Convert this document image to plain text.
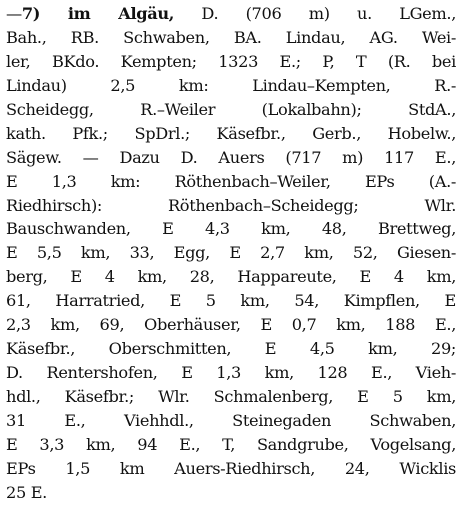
—7) im Algäu, D. (706 m) u. LGem.,
Bah., RB. Schwaben, BA. Lindau, AG. Wei-
ler, BKdo. Kempten; 1323 E.; P, T (R. bei
Lindau) 2,5 km: Lindau–Kempten, R.-
Scheidegg, R.–Weiler (Lokalbahn); StdA.,
kath. Pfk.; SpDrl.; Käsefbr., Gerb., Hobelw.,
Sägew. — Dazu D. Auers (717 m) 117 E.,
E 1,3 km: Röthenbach–Weiler, EPs (A.-
Riedhirsch): Röthenbach–Scheidegg; Wlr.
Bauschwanden, E 4,3 km, 48, Brettweg,
E 5,5 km, 33, Egg, E 2,7 km, 52, Giesen-
berg, E 4 km, 28, Happareute, E 4 km,
61, Harratried, E 5 km, 54, Kimpflen, E
2,3 km, 69, Oberhäuser, E 0,7 km, 188 E.,
Käsefbr., Oberschmitten, E 4,5 km, 29;
D. Rentershofen, E 1,3 km, 128 E., Vieh-
hdl., Käsefbr.; Wlr. Schmalenberg, E 5 km,
31 E., Viehhdl., Steinegaden Schwaben,
E 3,3 km, 94 E., T, Sandgrube, Vogelsang,
EPs 1,5 km Auers-Riedhirsch, 24, Wicklis
25 E.
